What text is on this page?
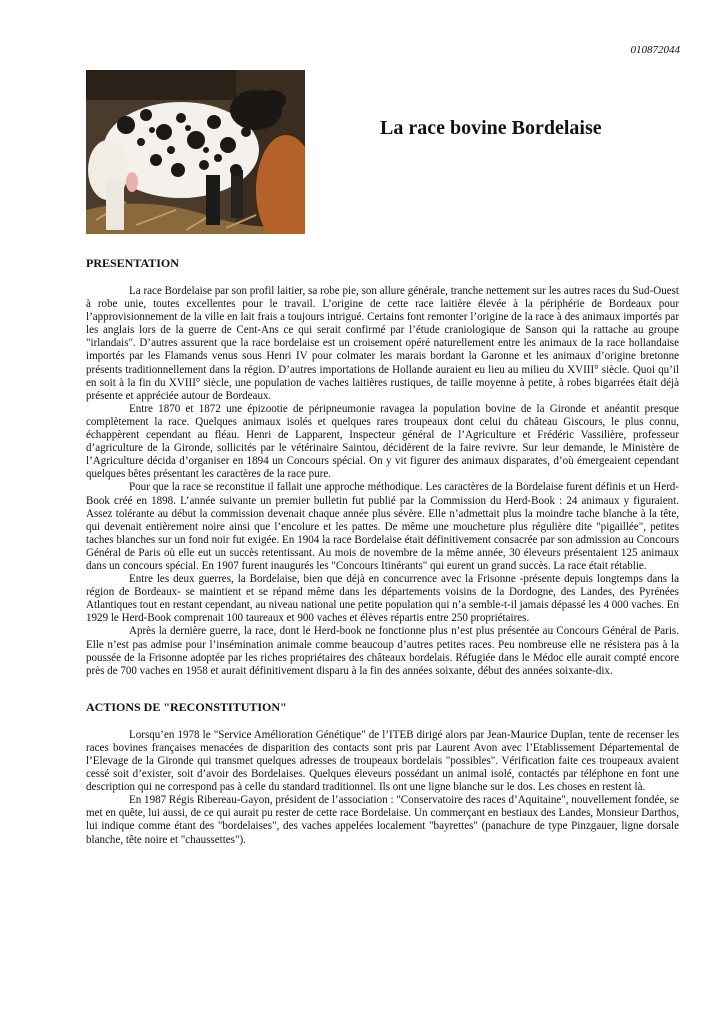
010872044
La race bovine Bordelaise
PRESENTATION

La race Bordelaise par son profil laitier, sa robe pie, son allure générale, tranche nettement sur les autres races du Sud-Ouest à robe unie, toutes excellentes pour le travail. L’origine de cette race laitière élevée à la périphérie de Bordeaux pour l’approvisionnement de la ville en lait frais a toujours intrigué. Certains font remonter l’origine de la race à des animaux importés par les anglais lors de la guerre de Cent-Ans ce qui serait confirmé par l’étude craniologique de Sanson qui la rattache au groupe "irlandais". D’autres assurent que la race bordelaise est un croisement opéré naturellement entre les animaux de la race hollandaise importés par les Flamands venus sous Henri IV pour colmater les marais bordant la Garonne et les animaux d’origine bretonne présents traditionnellement dans la région. D’autres importations de Hollande auraient eu lieu au milieu du XVIII° siècle. Quoi qu’il en soit à la fin du XVIII° siècle, une population de vaches laitières rustiques, de taille moyenne à petite, à robes bigarrées était déjà présente et appréciée autour de Bordeaux.

Entre 1870 et 1872 une épizootie de péripneumonie ravagea la population bovine de la Gironde et anéantit presque complètement la race. Quelques animaux isolés et quelques rares troupeaux dont celui du château Giscours, le plus connu, échappèrent cependant au fléau. Henri de Lapparent, Inspecteur général de l’Agriculture et Frédéric Vassilière, professeur d’agriculture de la Gironde, sollicités par le vétérinaire Saintou, décidèrent de la faire revivre. Sur leur demande, le Ministère de l’Agriculture décida d’organiser en 1894 un Concours spécial. On y vit figurer des animaux disparates, d’où émergeaient cependant quelques bêtes présentant les caractères de la race pure.

Pour que la race se reconstitue il fallait une approche méthodique. Les caractères de la Bordelaise furent définis et un Herd-Book créé en 1898. L’année suivante un premier bulletin fut publié par la Commission du Herd-Book : 24 animaux y figuraient. Assez tolérante au début la commission devenait chaque année plus sévère. Elle n’admettait plus la moindre tache blanche à la tête, qui devenait entièrement noire ainsi que l’encolure et les pattes. De même une moucheture plus régulière dite "pigaillée", petites taches blanches sur un fond noir fut exigée. En 1904 la race Bordelaise était définitivement consacrée par son admission au Concours Général de Paris où elle eut un succès retentissant. Au mois de novembre de la même année, 30 éleveurs présentaient 125 animaux dans un concours spécial. En 1907 furent inaugurés les "Concours Itinérants" qui eurent un grand succès. La race était rétablie.

Entre les deux guerres, la Bordelaise, bien que déjà en concurrence avec la Frisonne -présente depuis longtemps dans la région de Bordeaux- se maintient et se répand même dans les départements voisins de la Dordogne, des Landes, des Pyrénées Atlantiques tout en restant cependant, au niveau national une petite population qui n’a semble-t-il jamais dépassé les 4 000 vaches. En 1929 le Herd-Book comprenait 100 taureaux et 900 vaches et élèves répartis entre 250 propriétaires.

Après la dernière guerre, la race, dont le Herd-book ne fonctionne plus n’est plus présentée au Concours Général de Paris. Elle n’est pas admise pour l’insémination animale comme beaucoup d’autres petites races. Peu nombreuse elle ne résistera pas à la poussée de la Frisonne adoptée par les riches propriétaires des châteaux bordelais. Réfugiée dans le Médoc elle aurait compté encore près de 700 vaches en 1958 et aurait définitivement disparu à la fin des années soixante, début des années soixante-dix.

ACTIONS DE "RECONSTITUTION"

Lorsqu’en 1978 le "Service Amélioration Génétique" de l’ITEB dirigé alors par Jean-Maurice Duplan, tente de recenser les races bovines françaises menacées de disparition des contacts sont pris par Laurent Avon avec l’Etablissement Départemental de l’Elevage de la Gironde qui transmet quelques adresses de troupeaux bordelais "possibles". Vérification faite ces troupeaux avaient cessé soit d’exister, soit d’avoir des Bordelaises. Quelques éleveurs possédant un animal isolé, contactés par téléphone en font une description qui ne correspond pas à celle du standard traditionnel. Ils ont une ligne blanche sur le dos. Les choses en restent là.

En 1987 Régis Ribereau-Gayon, président de l’association : "Conservatoire des races d’Aquitaine", nouvellement fondée, se met en quête, lui aussi, de ce qui aurait pu rester de cette race Bordelaise. Un commerçant en bestiaux des Landes, Monsieur Darthos, lui indique comme étant des "bordelaises", des vaches appelées localement "bayrettes" (panachure de type Pinzgauer, ligne dorsale blanche, tête noire et "chaussettes").
